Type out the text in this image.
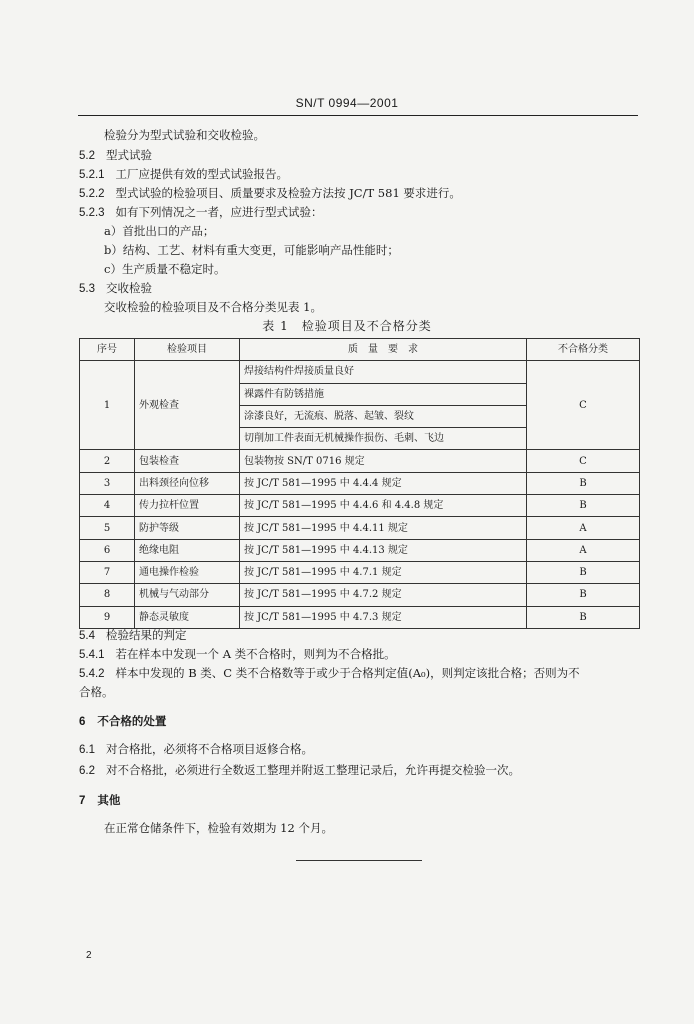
SN/T 0994—2001
检验分为型式试验和交收检验。
5.2 型式试验
5.2.1 工厂应提供有效的型式试验报告。
5.2.2 型式试验的检验项目、质量要求及检验方法按 JC/T 581 要求进行。
5.2.3 如有下列情况之一者，应进行型式试验：
a）首批出口的产品；
b）结构、工艺、材料有重大变更，可能影响产品性能时；
c）生产质量不稳定时。
5.3 交收检验
交收检验的检验项目及不合格分类见表 1。
表 1　检验项目及不合格分类
序号	检验项目	质　量　要　求	不合格分类
1	外观检查	焊接结构件焊接质量良好	C
		裸露件有防锈措施	
		涂漆良好，无流痕、脱落、起皱、裂纹	
		切削加工件表面无机械操作损伤、毛刺、飞边	
2	包装检查	包装物按 SN/T 0716 规定	C
3	出料颈径向位移	按 JC/T 581—1995 中 4.4.4 规定	B
4	传力拉杆位置	按 JC/T 581—1995 中 4.4.6 和 4.4.8 规定	B
5	防护等级	按 JC/T 581—1995 中 4.4.11 规定	A
6	绝缘电阻	按 JC/T 581—1995 中 4.4.13 规定	A
7	通电操作检验	按 JC/T 581—1995 中 4.7.1 规定	B
8	机械与气动部分	按 JC/T 581—1995 中 4.7.2 规定	B
9	静态灵敏度	按 JC/T 581—1995 中 4.7.3 规定	B
5.4 检验结果的判定
5.4.1 若在样本中发现一个 A 类不合格时，则判为不合格批。
5.4.2 样本中发现的 B 类、C 类不合格数等于或少于合格判定值(A₀)，则判定该批合格；否则为不
合格。
6 不合格的处置
6.1 对合格批，必须将不合格项目返修合格。
6.2 对不合格批，必须进行全数返工整理并附返工整理记录后，允许再提交检验一次。
7 其他
在正常仓储条件下，检验有效期为 12 个月。
2
